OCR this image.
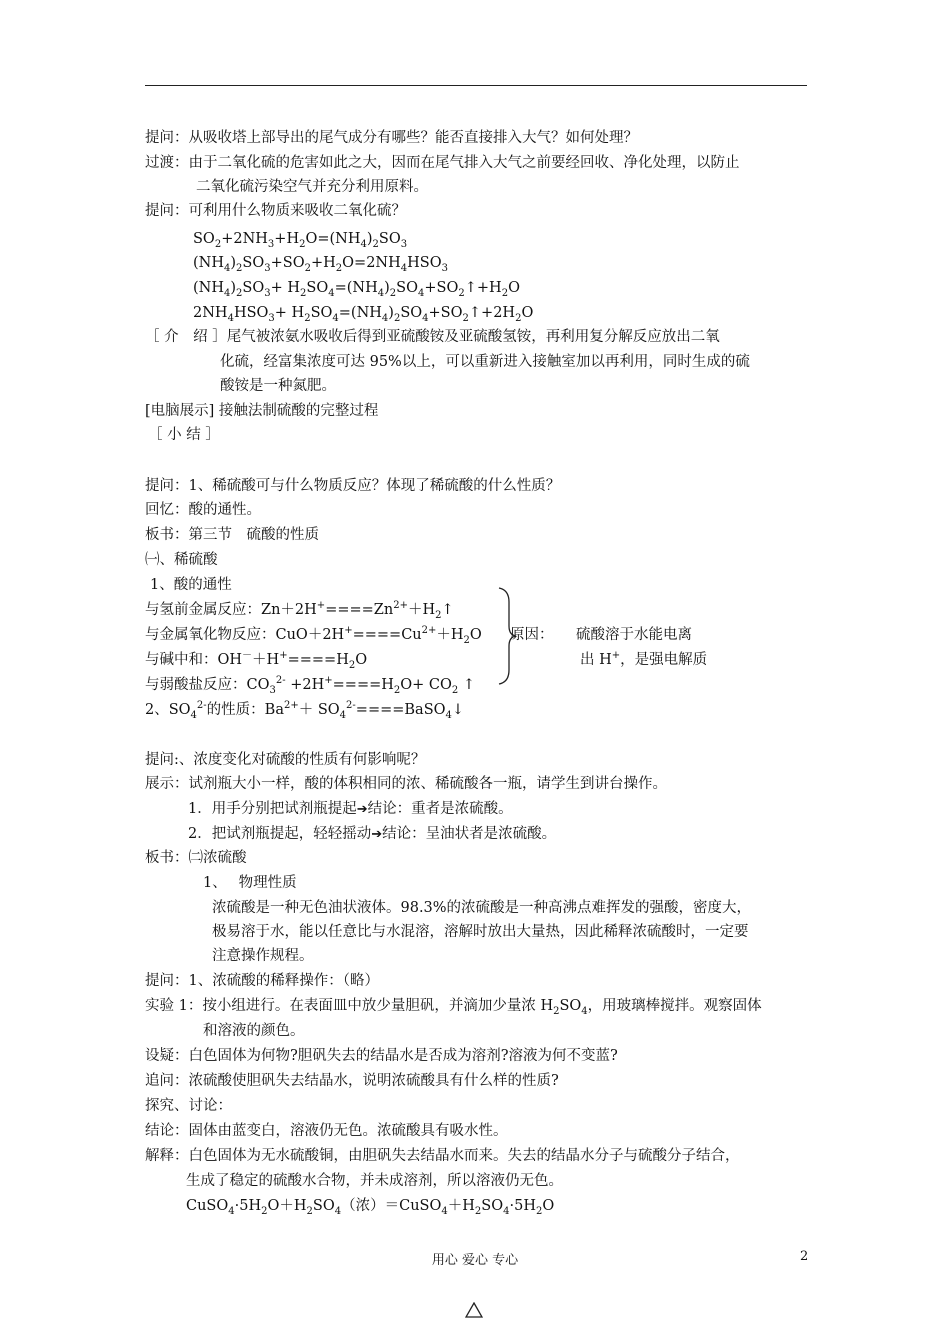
提问：从吸收塔上部导出的尾气成分有哪些？能否直接排入大气？如何处理？
过渡：由于二氧化硫的危害如此之大，因而在尾气排入大气之前要经回收、净化处理，以防止
二氧化硫污染空气并充分利用原料。
提问：可利用什么物质来吸收二氧化硫？
$SO_2+2NH_3+H_2O=(NH_4)_2SO_3$
$(NH_4)_2SO_3+SO_2+H_2O=2NH_4HSO_3$
$(NH_4)_2SO_3+$ $H_2SO_4=(NH_4)_2SO_4+SO_2↑+H_2O$
$2NH_4HSO_3+$ $H_2SO_4=(NH_4)_2SO_4+SO_2↑+2H_2O$
［ 介　绍 ］尾气被浓氨水吸收后得到亚硫酸铵及亚硫酸氢铵，再利用复分解反应放出二氧
化硫，经富集浓度可达 95%以上，可以重新进入接触室加以再利用，同时生成的硫
酸铵是一种氮肥。
[电脑展示] 接触法制硫酸的完整过程
［ 小 结 ］
提问：1、稀硫酸可与什么物质反应？体现了稀硫酸的什么性质？
回忆：酸的通性。
板书：第三节　硫酸的性质
㈠、稀硫酸
1、酸的通性
与氢前金属反应：$Zn+2H^+====Zn^{2+}+H_2↑$
与金属氧化物反应：$CuO+2H^+====Cu^{2+}+H_2O$
与碱中和：$OH^-+H^+====H_2O$
与弱酸盐反应：$CO_3^{2-} +2H^+====H_2O+ CO_2$ ↑
2、$SO_4^{2-}$的性质：$Ba^{2+}+$ $SO_4^{2-}====BaSO_4↓$
原因： 硫酸溶于水能电离
出 H+，是强电解质
提问:、浓度变化对硫酸的性质有何影响呢？
展示：试剂瓶大小一样，酸的体积相同的浓、稀硫酸各一瓶，请学生到讲台操作。
1．用手分别把试剂瓶提起➔结论：重者是浓硫酸。
2．把试剂瓶提起，轻轻摇动➔结论：呈油状者是浓硫酸。
板书：㈡浓硫酸
1、　 物理性质
浓硫酸是一种无色油状液体。98.3%的浓硫酸是一种高沸点难挥发的强酸，密度大，
极易溶于水，能以任意比与水混溶，溶解时放出大量热，因此稀释浓硫酸时，一定要
注意操作规程。
提问：1、浓硫酸的稀释操作：（略）
实验 1：按小组进行。在表面皿中放少量胆矾，并滴加少量浓 $H_2SO_4$，用玻璃棒搅拌。观察固体
和溶液的颜色。
设疑：白色固体为何物?胆矾失去的结晶水是否成为溶剂?溶液为何不变蓝?
追问：浓硫酸使胆矾失去结晶水，说明浓硫酸具有什么样的性质?
探究、讨论：
结论：固体由蓝变白，溶液仍无色。浓硫酸具有吸水性。
解释：白色固体为无水硫酸铜，由胆矾失去结晶水而来。失去的结晶水分子与硫酸分子结合，
生成了稳定的硫酸水合物，并未成溶剂，所以溶液仍无色。
$CuSO_4\cdot 5H_2O+H_2SO_4$（浓）$=CuSO_4+H_2SO_4\cdot 5H_2O$
用心 爱心 专心	2
